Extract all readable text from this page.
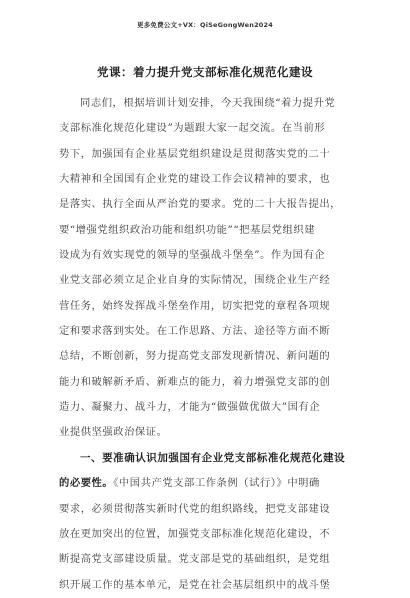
更多免费公文+VX：QiSeGongWen2024
党课：着力提升党支部标准化规范化建设
同志们，根据培训计划安排，今天我围绕“着力提升党
支部标准化规范化建设”为题跟大家一起交流。在当前形
势下，加强国有企业基层党组织建设是贯彻落实党的二十
大精神和全国国有企业党的建设工作会议精神的要求，也
是落实、执行全面从严治党的要求。党的二十大报告提出，
要“增强党组织政治功能和组织功能”“把基层党组织建
设成为有效实现党的领导的坚强战斗堡垒”。作为国有企
业党支部必须立足企业自身的实际情况，围绕企业生产经
营任务，始终发挥战斗堡垒作用，切实把党的章程各项规
定和要求落到实处。在工作思路、方法、途径等方面不断
总结，不断创新，努力提高党支部发现新情况、新问题的
能力和破解新矛盾、新难点的能力，着力增强党支部的创
造力、凝聚力、战斗力，才能为“做强做优做大”国有企
业提供坚强政治保证。
一、要准确认识加强国有企业党支部标准化规范化建设
的必要性。《中国共产党支部工作条例（试行）》中明确
要求，必须贯彻落实新时代党的组织路线，把党支部建设
放在更加突出的位置，加强党支部标准化规范化建设，不
断提高党支部建设质量。党支部是党的基础组织，是党组
织开展工作的基本单元，是党在社会基层组织中的战斗堡
